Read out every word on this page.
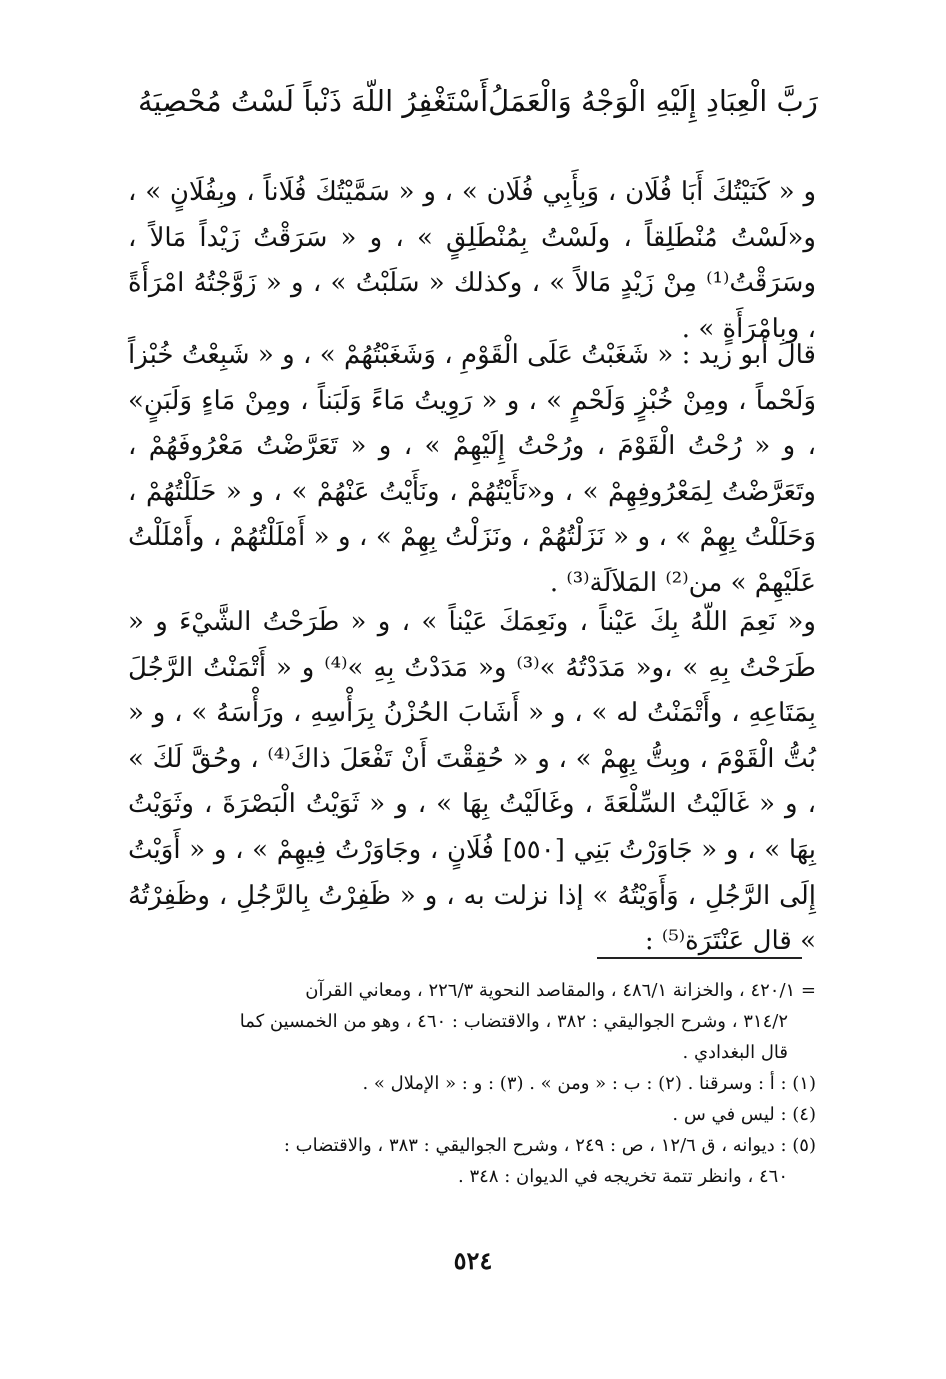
أَسْتَغْفِرُ اللّهَ ذَنْباً لَسْتُ مُحْصِيَهُ رَبَّ الْعِبَادِ إِلَيْهِ الْوَجْهُ وَالْعَمَلُ

و « كَنَيْتُكَ أَبَا فُلَان ، وَبِأَبِي فُلَان » ، و « سَمَّيْتُكَ فُلَاناً ، وبِفُلَانٍ » ، و«لَسْتُ مُنْطَلِقاً ، ولَسْتُ بِمُنْطَلِقٍ » ، و « سَرَقْتُ زَيْداً مَالاً ، وسَرَقْتُ⁽¹⁾ مِنْ زَيْدٍ مَالاً » ، وكذلك « سَلَبْتُ » ، و « زَوَّجْتُهُ امْرَأَةً ، وبِامْرَأَةٍ » .

قال أبو زيد : « شَغَبْتُ عَلَى الْقَوْمِ ، وَشَغَبْتُهُمْ » ، و « شَبِعْتُ خُبْزاً وَلَحْماً ، ومِنْ خُبْزٍ وَلَحْمٍ » ، و « رَوِيتُ مَاءً وَلَبَناً ، ومِنْ مَاءٍ وَلَبَنٍ» ، و « رُحْتُ الْقَوْمَ ، ورُحْتُ إِلَيْهِمْ » ، و « تَعَرَّضْتُ مَعْرُوفَهُمْ ، وتَعَرَّضْتُ لِمَعْرُوفِهِمْ » ، و«نَأَيْتُهُمْ ، ونَأَيْتُ عَنْهُمْ » ، و « حَلَلْتُهُمْ ، وَحَلَلْتُ بِهِمْ » ، و « نَزَلْتُهُمْ ، ونَزَلْتُ بِهِمْ » ، و « أَمْلَلْتُهُمْ ، وأَمْلَلْتُ عَلَيْهِمْ » من⁽²⁾ المَلاَلَة⁽³⁾ .

و« نَعِمَ اللّهُ بِكَ عَيْناً ، ونَعِمَكَ عَيْناً » ، و « طَرَحْتُ الشَّيْءَ و « طَرَحْتُ بِهِ » ،و« مَدَدْتُهُ »⁽³⁾ و« مَدَدْتُ بِهِ »⁽⁴⁾ و « أَتْمَنْتُ الرَّجُلَ بِمَتَاعِهِ ، وأَتْمَنْتُ له » ، و « أَشَابَ الحُزْنُ بِرَأْسِهِ ، ورَأْسَهُ » ، و « بُتُّ الْقَوْمَ ، وبِتُّ بِهِمْ » ، و « حُقِقْتَ أَنْ تَفْعَلَ ذاكَ⁽⁴⁾ ، وحُقَّ لَكَ » ، و « غَالَيْتُ السِّلْعَةَ ، وغَالَيْتُ بِهَا » ، و « ثَوَيْتُ الْبَصْرَةَ ، وثَوَيْتُ بِهَا » ، و « جَاوَرْتُ بَنِي [٥٥٠] فُلَانٍ ، وجَاوَرْتُ فِيهِمْ » ، و « أَوَيْتُ إِلَى الرَّجُلِ ، وَأَوَيْتُهُ » إذا نزلت به ، و « ظَفِرْتُ بِالرَّجُلِ ، وظَفِرْتُهُ » قال عَنْتَرَة⁽⁵⁾ :

= ٤٢٠/١ ، والخزانة ٤٨٦/١ ، والمقاصد النحوية ٢٢٦/٣ ، ومعاني القرآن
٣١٤/٢ ، وشرح الجواليقي : ٣٨٢ ، والاقتضاب : ٤٦٠ ، وهو من الخمسين كما
قال البغدادي .
(١) : أ : وسرقنا . (٢) : ب : « ومن » . (٣) : و : « الإملال » .
(٤) : ليس في س .
(٥) : ديوانه ، ق ١٢/٦ ، ص : ٢٤٩ ، وشرح الجواليقي : ٣٨٣ ، والاقتضاب :
٤٦٠ ، وانظر تتمة تخريجه في الديوان : ٣٤٨ .
٥٢٤
